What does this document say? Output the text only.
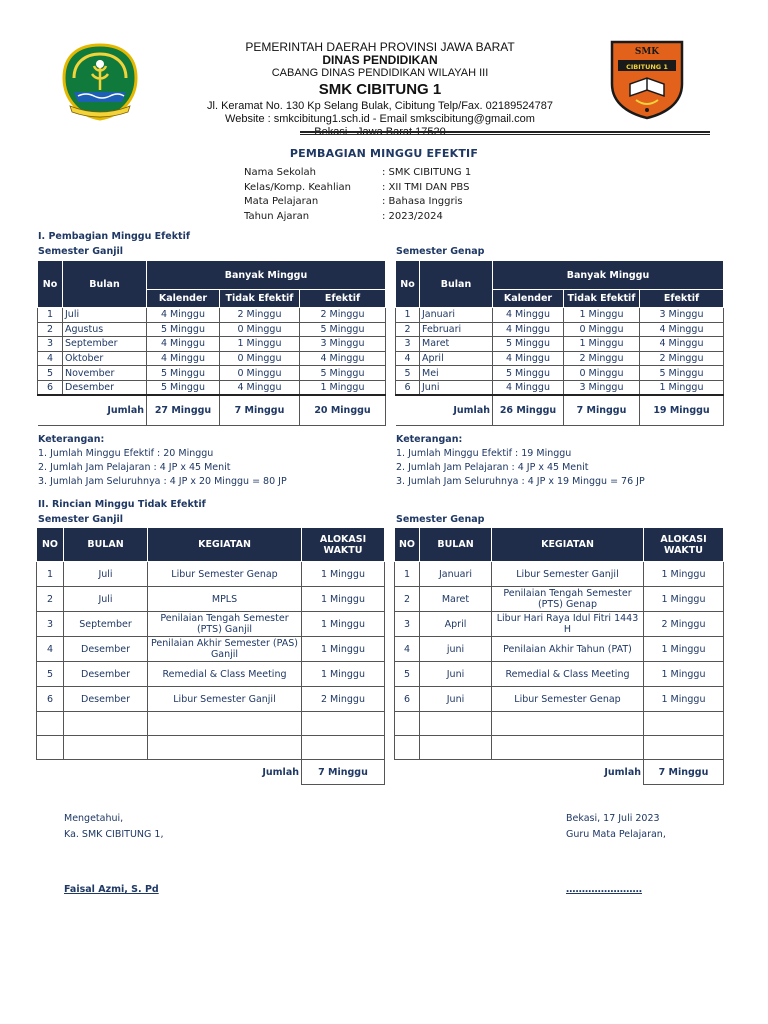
PEMERINTAH DAERAH PROVINSI JAWA BARAT
DINAS PENDIDIKAN
CABANG DINAS PENDIDIKAN WILAYAH III
SMK CIBITUNG 1
Jl. Keramat No. 130 Kp Selang Bulak, Cibitung Telp/Fax. 02189524787
Website : smkcibitung1.sch.id - Email smkscibitung@gmail.com
SMK
CIBITUNG 1
PEMBAGIAN MINGGU EFEKTIF
Nama Sekolah	: SMK CIBITUNG 1
Kelas/Komp. Keahlian	: XII TMI DAN PBS
Mata Pelajaran	: Bahasa Inggris
Tahun Ajaran	: 2023/2024
I. Pembagian Minggu Efektif
Semester Ganjil	Semester Genap
No	Bulan	Banyak Minggu		
		Kalender	Tidak Efektif	Efektif
1	Juli	4 Minggu	2 Minggu	2 Minggu
2	Agustus	5 Minggu	0 Minggu	5 Minggu
3	September	4 Minggu	1 Minggu	3 Minggu
4	Oktober	4 Minggu	0 Minggu	4 Minggu
5	November	5 Minggu	0 Minggu	5 Minggu
6	Desember	5 Minggu	4 Minggu	1 Minggu
Jumlah		27 Minggu	7 Minggu	20 Minggu
No	Bulan	Banyak Minggu		
		Kalender	Tidak Efektif	Efektif
1	Januari	4 Minggu	1 Minggu	3 Minggu
2	Februari	4 Minggu	0 Minggu	4 Minggu
3	Maret	5 Minggu	1 Minggu	4 Minggu
4	April	4 Minggu	2 Minggu	2 Minggu
5	Mei	5 Minggu	0 Minggu	5 Minggu
6	Juni	4 Minggu	3 Minggu	1 Minggu
Jumlah		26 Minggu	7 Minggu	19 Minggu
Keterangan:
1. Jumlah Minggu Efektif : 20 Minggu
2. Jumlah Jam Pelajaran : 4 JP x 45 Menit
3. Jumlah Jam Seluruhnya : 4 JP x 20 Minggu = 80 JP
Keterangan:
1. Jumlah Minggu Efektif : 19 Minggu
2. Jumlah Jam Pelajaran : 4 JP x 45 Menit
3. Jumlah Jam Seluruhnya : 4 JP x 19 Minggu = 76 JP
II. Rincian Minggu Tidak Efektif
Semester Ganjil	Semester Genap
NO	BULAN	KEGIATAN	ALOKASI WAKTU
1	Juli	Libur Semester Genap	1 Minggu
2	Juli	MPLS	1 Minggu
3	September	Penilaian Tengah Semester (PTS) Ganjil	1 Minggu
4	Desember	Penilaian Akhir Semester (PAS) Ganjil	1 Minggu
5	Desember	Remedial & Class Meeting	1 Minggu
6	Desember	Libur Semester Ganjil	2 Minggu

Jumlah			7 Minggu
NO	BULAN	KEGIATAN	ALOKASI WAKTU
1	Januari	Libur Semester Ganjil	1 Minggu
2	Maret	Penilaian Tengah Semester (PTS) Genap	1 Minggu
3	April	Libur Hari Raya Idul Fitri 1443 H	2 Minggu
4	juni	Penilaian Akhir Tahun (PAT)	1 Minggu
5	Juni	Remedial & Class Meeting	1 Minggu
6	Juni	Libur Semester Genap	1 Minggu

Jumlah			7 Minggu
Mengetahui,
Ka. SMK CIBITUNG 1,
Faisal Azmi, S. Pd
Bekasi, 17 Juli 2023
Guru Mata Pelajaran,
……………………
